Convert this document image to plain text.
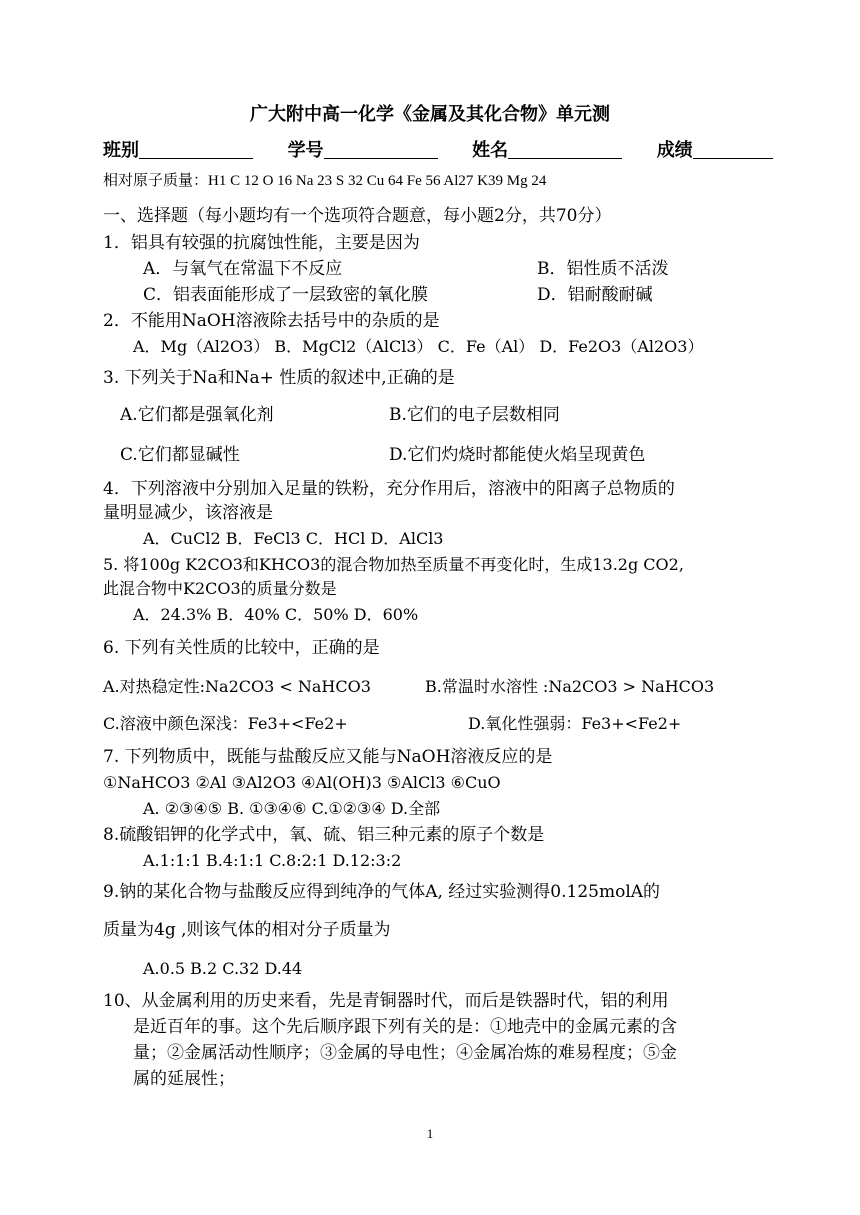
广大附中高一化学《金属及其化合物》单元测
班别	学号	姓名	成绩
相对原子质量：H1 C 12 O 16 Na 23 S 32 Cu 64 Fe 56 Al27 K39 Mg 24
一、选择题（每小题均有一个选项符合题意，每小题2分，共70分）
1．铝具有较强的抗腐蚀性能，主要是因为
A．与氧气在常温下不反应	B．铝性质不活泼
C．铝表面能形成了一层致密的氧化膜	D．铝耐酸耐碱
2．不能用NaOH溶液除去括号中的杂质的是
A．Mg（Al2O3） B．MgCl2（AlCl3） C．Fe（Al） D．Fe2O3（Al2O3）
3. 下列关于Na和Na+ 性质的叙述中,正确的是
A.它们都是强氧化剂	B.它们的电子层数相同
C.它们都显碱性	D.它们灼烧时都能使火焰呈现黄色
4．下列溶液中分别加入足量的铁粉，充分作用后，溶液中的阳离子总物质的
量明显减少，该溶液是
A．CuCl2 B．FeCl3 C．HCl D．AlCl3
5. 将100g K2CO3和KHCO3的混合物加热至质量不再变化时，生成13.2g CO2,
此混合物中K2CO3的质量分数是
A．24.3% B．40% C．50% D．60%
6. 下列有关性质的比较中，正确的是
A.对热稳定性:Na2CO3 < NaHCO3	B.常温时水溶性 :Na2CO3 > NaHCO3
C.溶液中颜色深浅：Fe3+<Fe2+	D.氧化性强弱：Fe3+<Fe2+
7. 下列物质中，既能与盐酸反应又能与NaOH溶液反应的是
①NaHCO3 ②Al ③Al2O3 ④Al(OH)3 ⑤AlCl3 ⑥CuO
A. ②③④⑤ B. ①③④⑥ C.①②③④ D.全部
8.硫酸铝钾的化学式中，氧、硫、铝三种元素的原子个数是
A.1:1:1 B.4:1:1 C.8:2:1 D.12:3:2
9.钠的某化合物与盐酸反应得到纯净的气体A, 经过实验测得0.125molA的
质量为4g ,则该气体的相对分子质量为
A.0.5 B.2 C.32 D.44
10、从金属利用的历史来看，先是青铜器时代，而后是铁器时代，铝的利用
是近百年的事。这个先后顺序跟下列有关的是：①地壳中的金属元素的含
量；②金属活动性顺序；③金属的导电性；④金属冶炼的难易程度；⑤金
属的延展性；
1
